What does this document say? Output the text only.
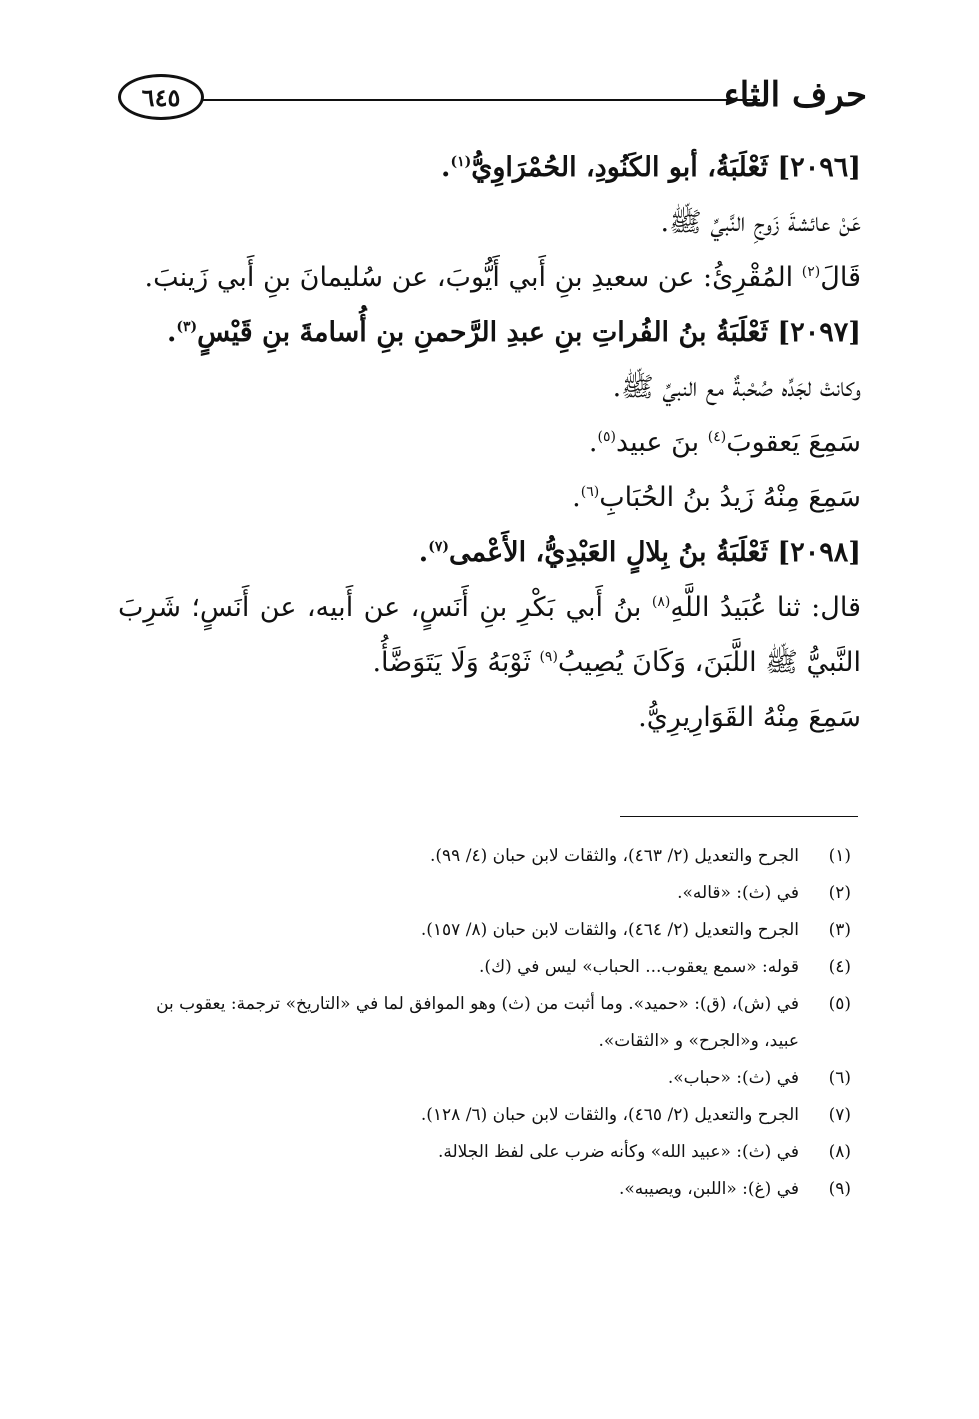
حرف الثاء
٦٤٥
[٢٠٩٦] ثَعْلَبَةُ، أبو الكَنُودِ، الحُمْرَاوِيُّ$^{(١)}$.
عَنْ عائشةَ زَوجِ النَّبيِّ ﷺ.
قَالَ$^{(٢)}$ المُقْرِئُ: عن سعيدِ بنِ أَبي أَيُّوبَ، عن سُليمانَ بنِ أَبي زَينبَ.
[٢٠٩٧] ثَعْلَبَةُ بنُ الفُراتِ بنِ عبدِ الرَّحمنِ بنِ أُسامةَ بنِ قَيْسٍ$^{(٣)}$.
وكانتْ لجَدِّه صُحْبةٌ مع النبيِّ ﷺ.
سَمِعَ يَعقوبَ$^{(٤)}$ بنَ عبيد$^{(٥)}$.
سَمِعَ مِنْهُ زَيدُ بنُ الحُبَابِ$^{(٦)}$.
[٢٠٩٨] ثَعْلَبَةُ بنُ بِلالٍ العَبْدِيُّ، الأَعْمى$^{(٧)}$.
قال: ثنا عُبَيدُ اللَّهِ$^{(٨)}$ بنُ أَبي بَكْرِ بنِ أَنَسٍ، عن أَبيه، عن أَنَسٍ؛ شَرِبَ النَّبيُّ ﷺ اللَّبَنَ، وَكَانَ يُصِيبُ$^{(٩)}$ ثَوْبَهُ وَلَا يَتَوَضَّأُ.
سَمِعَ مِنْهُ القَوَارِيرِيُّ.
(١)
الجرح والتعديل (٢/ ٤٦٣)، والثقات لابن حبان (٤/ ٩٩).
(٢)
في (ث): «قاله».
(٣)
الجرح والتعديل (٢/ ٤٦٤)، والثقات لابن حبان (٨/ ١٥٧).
(٤)
قوله: «سمع يعقوب... الحباب» ليس في (ك).
(٥)
في (ش)، (ق): «حميد». وما أثبت من (ث) وهو الموافق لما في «التاريخ» ترجمة: يعقوب بن عبيد، و«الجرح» و «الثقات».
(٦)
في (ث): «حباب».
(٧)
الجرح والتعديل (٢/ ٤٦٥)، والثقات لابن حبان (٦/ ١٢٨).
(٨)
في (ث): «عبيد الله» وكأنه ضرب على لفظ الجلالة.
(٩)
في (غ): «اللبن، ويصيبه».
